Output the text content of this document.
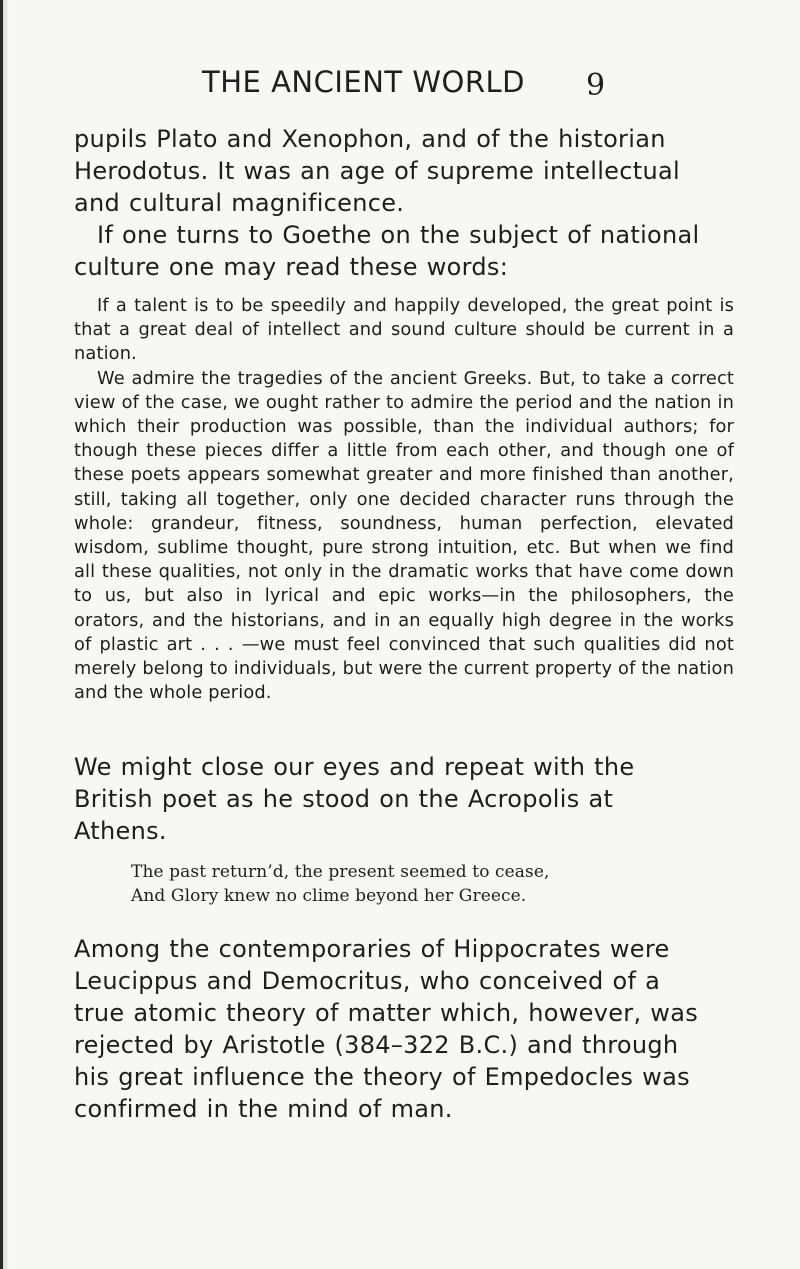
THE ANCIENT WORLD 9

pupils Plato and Xenophon, and of the historian

Herodotus. It was an age of supreme intellectual

and cultural magnificence.

If one turns to Goethe on the subject of national

culture one may read these words:

If a talent is to be speedily and happily developed, the great point is that a great deal of intellect and sound culture should be current in a nation.

We admire the tragedies of the ancient Greeks. But, to take a correct view of the case, we ought rather to admire the period and the nation in which their production was possible, than the individual authors; for though these pieces differ a little from each other, and though one of these poets appears somewhat greater and more finished than another, still, taking all together, only one decided character runs through the whole: grandeur, fitness, soundness, human perfection, elevated wisdom, sublime thought, pure strong intuition, etc. But when we find all these qualities, not only in the dramatic works that have come down to us, but also in lyrical and epic works—in the philosophers, the orators, and the historians, and in an equally high degree in the works of plastic art . . . —we must feel convinced that such qualities did not merely belong to individuals, but were the current property of the nation and the whole period.

We might close our eyes and repeat with the

British poet as he stood on the Acropolis at

Athens.

The past return’d, the present seemed to cease,
And Glory knew no clime beyond her Greece.

Among the contemporaries of Hippocrates were

Leucippus and Democritus, who conceived of a

true atomic theory of matter which, however, was

rejected by Aristotle (384–322 B.C.) and through

his great influence the theory of Empedocles was

confirmed in the mind of man.
